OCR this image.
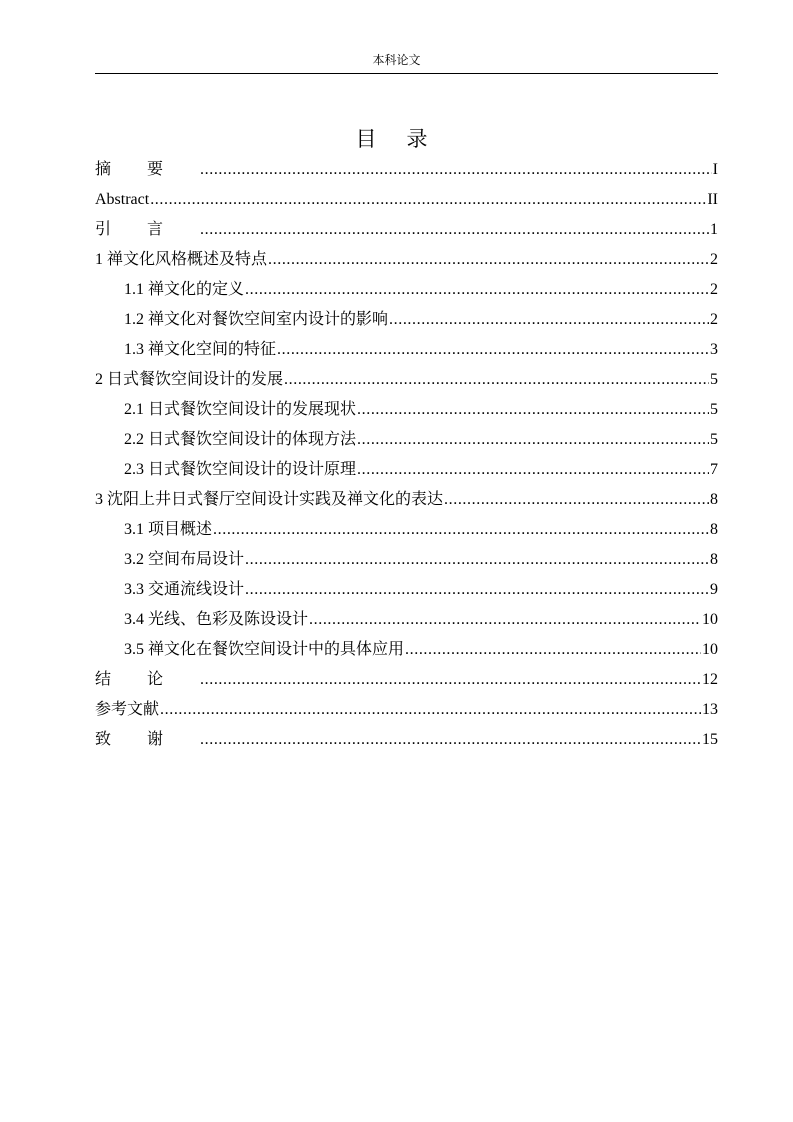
本科论文
目录
摘要 .....	I
Abstract .....	II
引言 .....	1
1 禅文化风格概述及特点 .....	2
1.1 禅文化的定义 .....	2
1.2 禅文化对餐饮空间室内设计的影响 .....	2
1.3 禅文化空间的特征 .....	3
2 日式餐饮空间设计的发展 .....	5
2.1 日式餐饮空间设计的发展现状 .....	5
2.2 日式餐饮空间设计的体现方法 .....	5
2.3 日式餐饮空间设计的设计原理 .....	7
3 沈阳上井日式餐厅空间设计实践及禅文化的表达 .....	8
3.1 项目概述 .....	8
3.2 空间布局设计 .....	8
3.3 交通流线设计 .....	9
3.4 光线、色彩及陈设设计 .....	10
3.5 禅文化在餐饮空间设计中的具体应用 .....	10
结论 .....	12
参考文献 .....	13
致谢 .....	15
